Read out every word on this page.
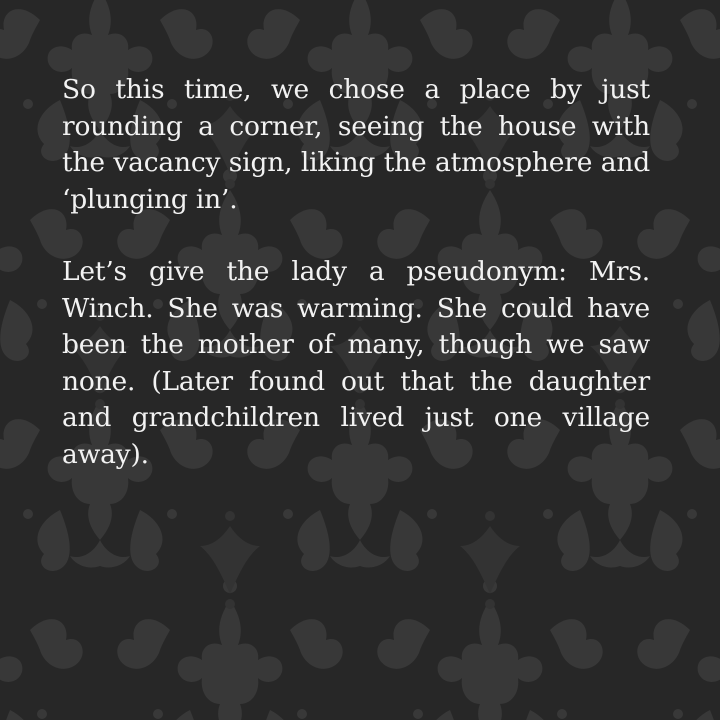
So this time, we chose a place by just rounding a corner, seeing the house with the vacancy sign, liking the atmosphere and ‘plunging in’.

Let’s give the lady a pseudonym: Mrs. Winch. She was warming. She could have been the mother of many, though we saw none. (Later found out that the daughter and grandchildren lived just one village away).
